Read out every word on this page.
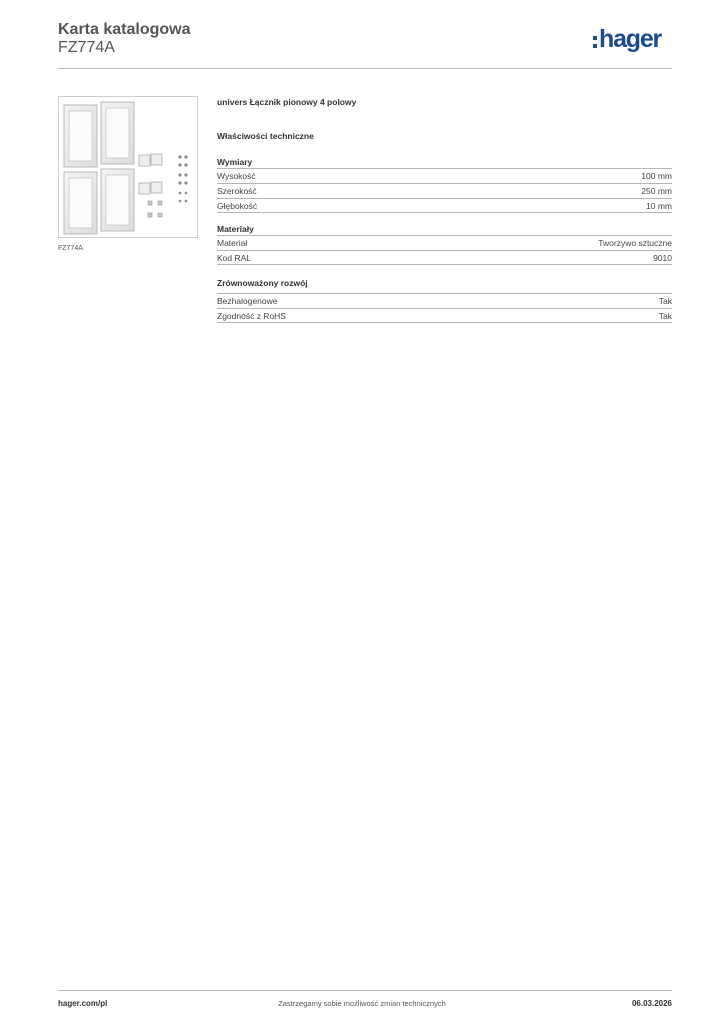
Karta katalogowa
FZ774A	hager
FZ774A
univers Łącznik pionowy 4 polowy
Właściwości techniczne
Wymiary
Wysokość	100 mm
Szerokość	250 mm
Głębokość	10 mm
Materiały
Materiał	Tworzywo sztuczne
Kod RAL	9010
Zrównoważony rozwój
Bezhalogenowe	Tak
Zgodność z RoHS	Tak
hager.com/pl	Zastrzegamy sobie możliwość zmian technicznych	06.03.2026
